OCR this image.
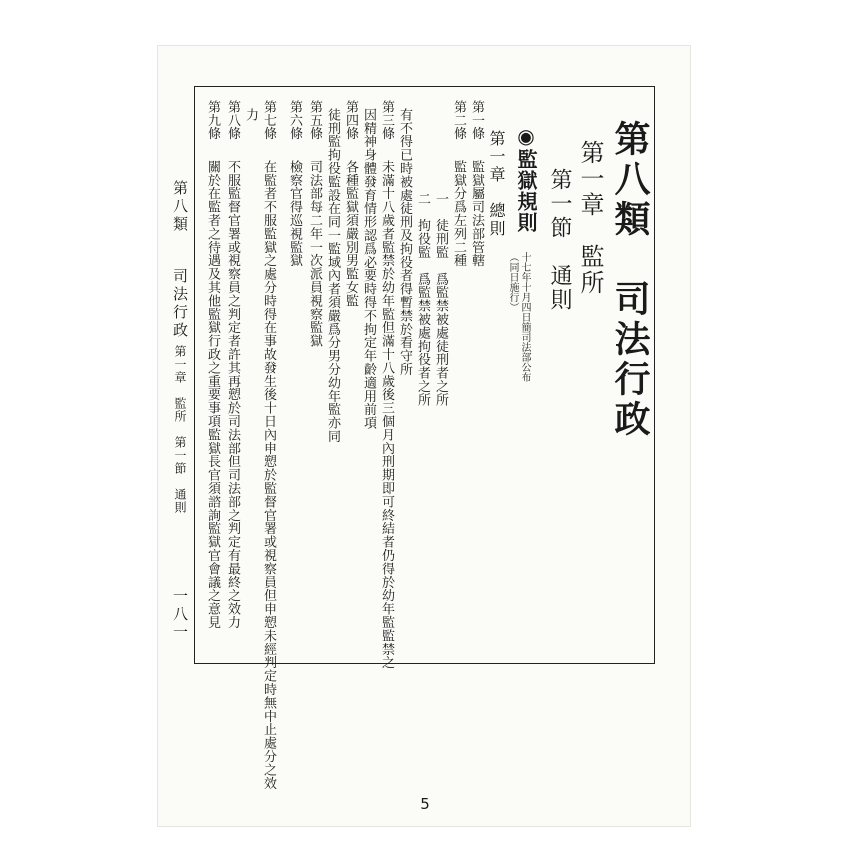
第八類　司法行政
第一章　監所
第一節　通則
◉監獄規則
十七年十月四日簡司法部公布
（同日施行）
第一章　總則
第一條
監獄屬司法部管轄
第二條
監獄分爲左列二種
一　徒刑監　爲監禁被處徒刑者之所
二　拘役監　爲監禁被處拘役者之所
有不得已時被處徒刑及拘役者得暫禁於看守所
第三條
未滿十八歲者監禁於幼年監但滿十八歲後三個月內刑期即可終結者仍得於幼年監監禁之
因精神身體發育情形認爲必要時得不拘定年齡適用前項
第四條
各種監獄須嚴別男監女監
徒刑監拘役監設在同一監域內者須嚴爲分男分幼年監亦同
第五條
司法部每二年一次派員視察監獄
第六條
檢察官得巡視監獄
第七條
在監者不服監獄之處分時得在事故發生後十日內申愬於監督官署或視察員但申愬未經判定時無中止處分之效
力
第八條
不服監督官署或視察員之判定者許其再愬於司法部但司法部之判定有最終之效力
第九條
關於在監者之待遇及其他監獄行政之重要事項監獄長官須諮詢監獄官會議之意見
第八類
司法行政
第一章　監所　第一節　通則
一八一
5
